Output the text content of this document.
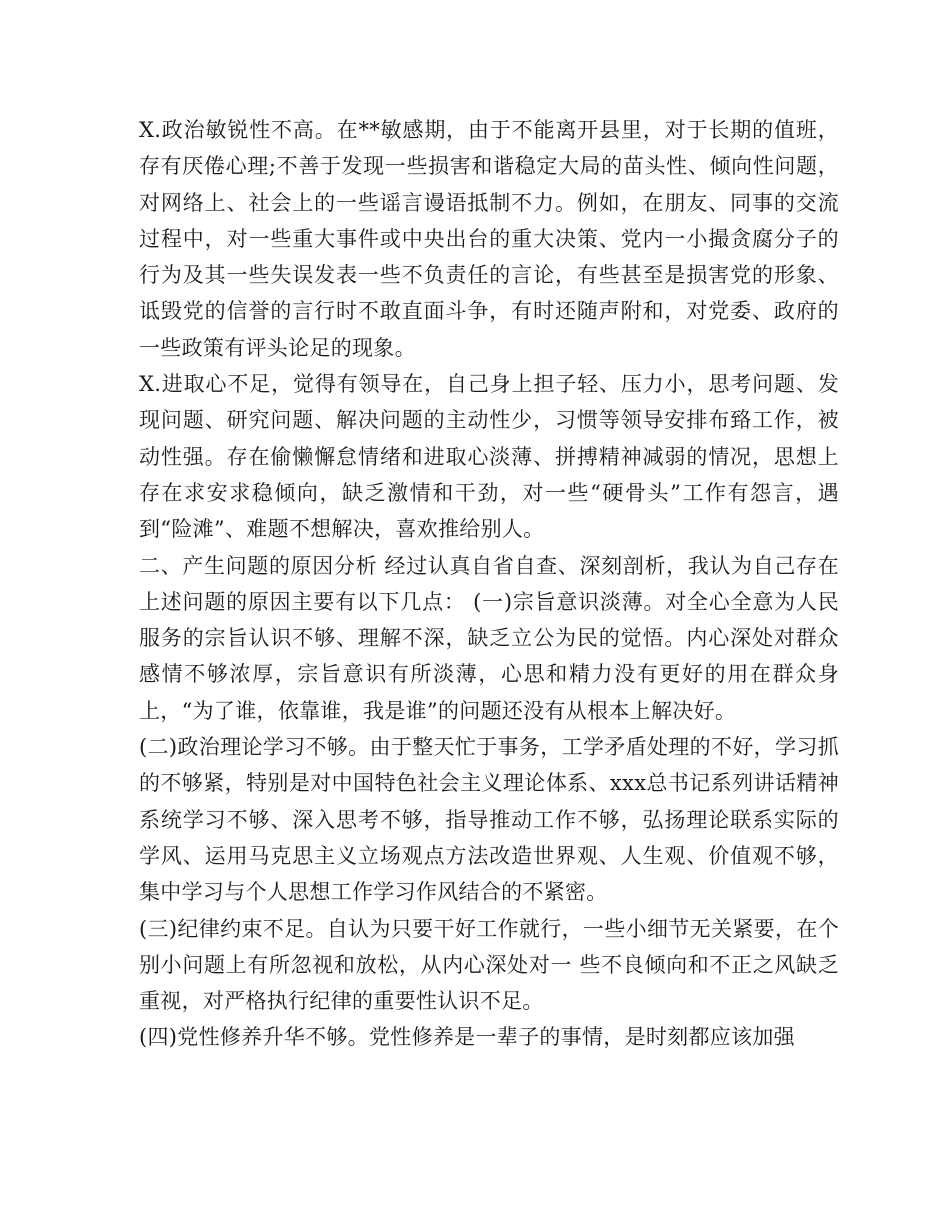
X.政治敏锐性不高。在**敏感期，由于不能离开县里，对于长期的值班，存有厌倦心理;不善于发现一些损害和谐稳定大局的苗头性、倾向性问题，对网络上、社会上的一些谣言谩语抵制不力。例如，在朋友、同事的交流过程中，对一些重大事件或中央出台的重大决策、党内一小撮贪腐分子的行为及其一些失误发表一些不负责任的言论，有些甚至是损害党的形象、诋毁党的信誉的言行时不敢直面斗争，有时还随声附和，对党委、政府的一些政策有评头论足的现象。

X.进取心不足，觉得有领导在，自己身上担子轻、压力小，思考问题、发现问题、研究问题、解决问题的主动性少，习惯等领导安排布臵工作，被动性强。存在偷懒懈怠情绪和进取心淡薄、拼搏精神减弱的情况，思想上存在求安求稳倾向，缺乏激情和干劲，对一些“硬骨头”工作有怨言，遇到“险滩”、难题不想解决，喜欢推给别人。

二、产生问题的原因分析 经过认真自省自查、深刻剖析，我认为自己存在上述问题的原因主要有以下几点： (一)宗旨意识淡薄。对全心全意为人民服务的宗旨认识不够、理解不深，缺乏立公为民的觉悟。内心深处对群众感情不够浓厚，宗旨意识有所淡薄，心思和精力没有更好的用在群众身上，“为了谁，依靠谁，我是谁”的问题还没有从根本上解决好。

(二)政治理论学习不够。由于整天忙于事务，工学矛盾处理的不好，学习抓的不够紧，特别是对中国特色社会主义理论体系、xxx总书记系列讲话精神系统学习不够、深入思考不够，指导推动工作不够，弘扬理论联系实际的学风、运用马克思主义立场观点方法改造世界观、人生观、价值观不够，集中学习与个人思想工作学习作风结合的不紧密。

(三)纪律约束不足。自认为只要干好工作就行，一些小细节无关紧要，在个别小问题上有所忽视和放松，从内心深处对一 些不良倾向和不正之风缺乏重视，对严格执行纪律的重要性认识不足。

(四)党性修养升华不够。党性修养是一辈子的事情，是时刻都应该加强
